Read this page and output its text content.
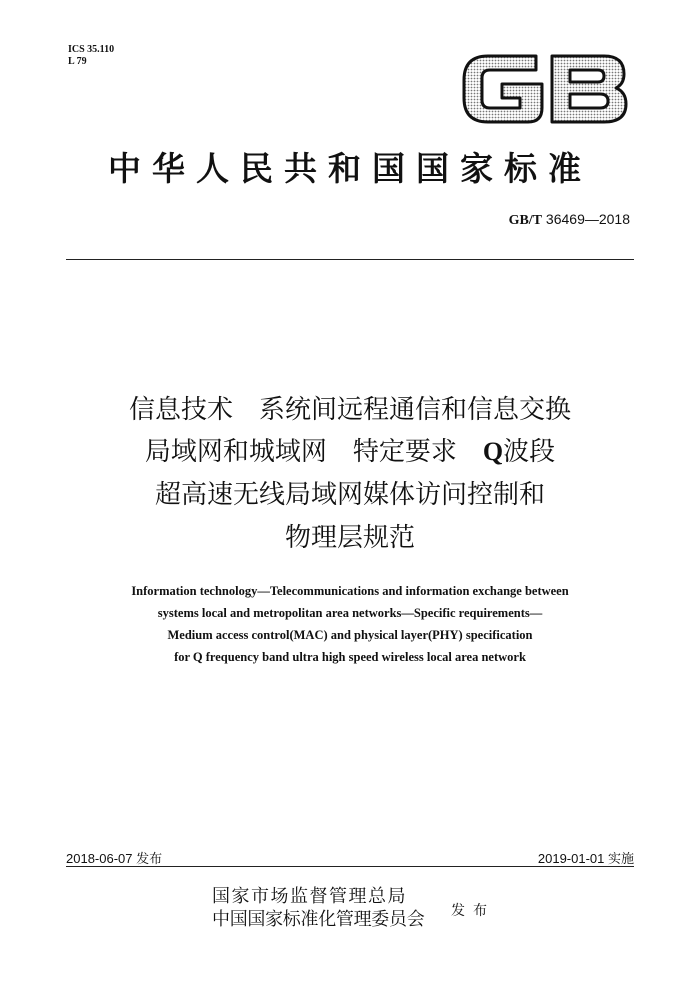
ICS 35.110
L 79
GB
中华人民共和国国家标准
GB/T 36469—2018
信息技术　系统间远程通信和信息交换
局域网和城域网　特定要求　Q波段
超高速无线局域网媒体访问控制和
物理层规范
Information technology—Telecommunications and information exchange between
systems local and metropolitan area networks—Specific requirements—
Medium access control(MAC) and physical layer(PHY) specification
for Q frequency band ultra high speed wireless local area network
2018-06-07 发布	2019-01-01 实施
国家市场监督管理总局
中国国家标准化管理委员会 发布
